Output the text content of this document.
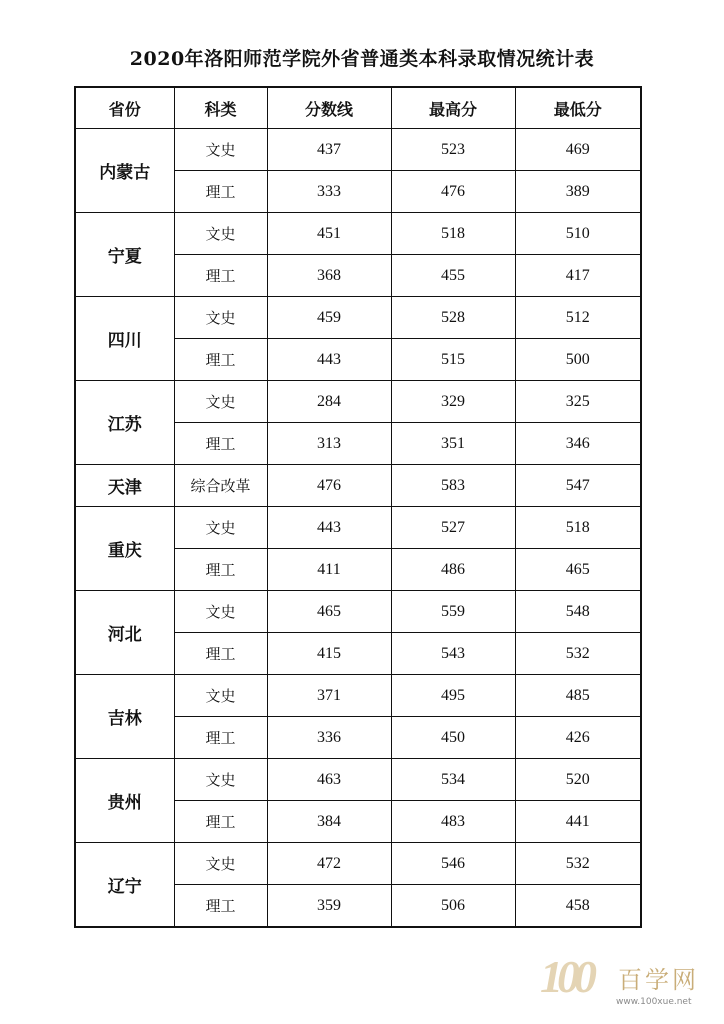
2020年洛阳师范学院外省普通类本科录取情况统计表
省份	科类	分数线	最高分	最低分
内蒙古	文史	437	523	469
	理工	333	476	389
宁夏	文史	451	518	510
	理工	368	455	417
四川	文史	459	528	512
	理工	443	515	500
江苏	文史	284	329	325
	理工	313	351	346
天津	综合改革	476	583	547
重庆	文史	443	527	518
	理工	411	486	465
河北	文史	465	559	548
	理工	415	543	532
吉林	文史	371	495	485
	理工	336	450	426
贵州	文史	463	534	520
	理工	384	483	441
辽宁	文史	472	546	532
	理工	359	506	458
100 百学网
www.100xue.net
